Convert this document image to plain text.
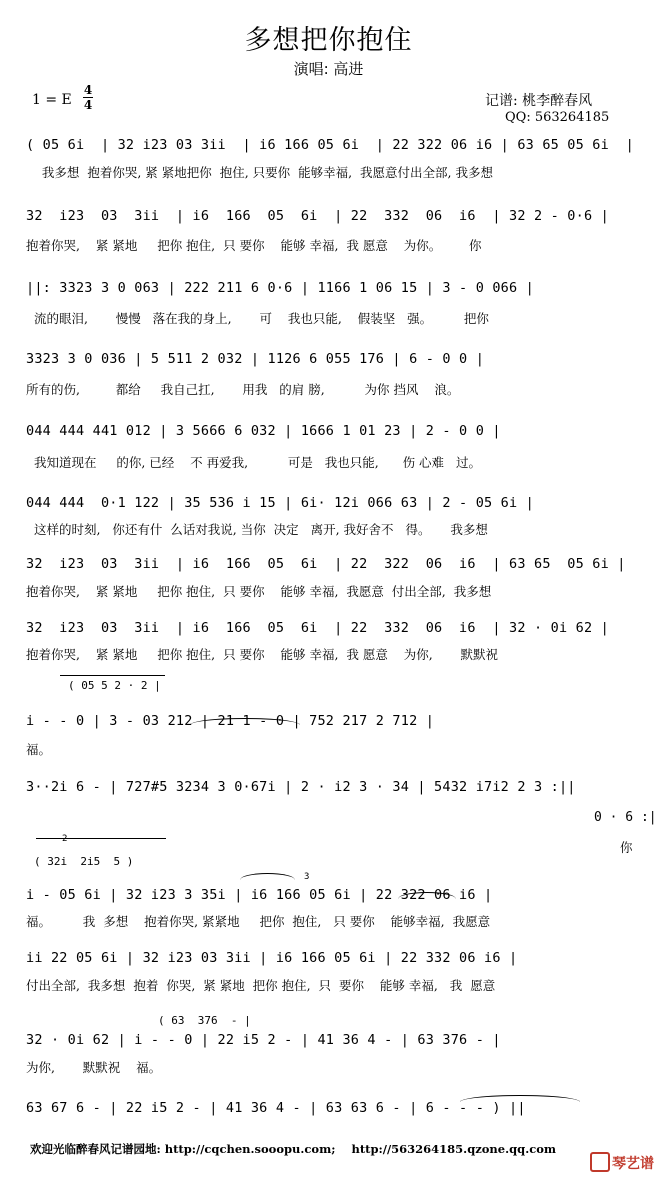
多想把你抱住
演唱: 高进
1 = E
4
4	记谱: 桃李醉春风
QQ: 563264185
( 05 6i  | 32 i23 03 3ii  | i6 166 05 6i  | 22 322 06 i6 | 63 65 05 6i  |
我多想  抱着你哭, 紧 紧地把你  抱住, 只要你  能够幸福,  我愿意付出全部, 我多想
32  i23  03  3ii  | i6  166  05  6i  | 22  332  06  i6  | 32 2 - 0·6 |
抱着你哭,    紧 紧地     把你 抱住,  只 要你    能够 幸福,  我 愿意    为你。       你
||: 3323 3 0 063 | 222 211 6 0·6 | 1166 1 06 15 | 3 - 0 066 |
流的眼泪,       慢慢   落在我的身上,       可    我也只能,    假装坚   强。        把你
3323 3 0 036 | 5 511 2 032 | 1126 6 055 176 | 6 - 0 0 |
所有的伤,         都给     我自己扛,       用我   的肩 膀,          为你 挡风    浪。
044 444 441 012 | 3 5666 6 032 | 1666 1 01 23 | 2 - 0 0 |
我知道现在     的你, 已经    不 再爱我,          可是   我也只能,      伤 心难   过。
044 444  0·1 122 | 35 536 i 15 | 6i· 12i 066 63 | 2 - 05 6i |
这样的时刻,   你还有什  么话对我说, 当你  决定   离开, 我好舍不   得。     我多想
32  i23  03  3ii  | i6  166  05  6i  | 22  322  06  i6  | 63 65  05 6i |
抱着你哭,    紧 紧地     把你 抱住,  只 要你    能够 幸福,  我愿意  付出全部,  我多想
32  i23  03  3ii  | i6  166  05  6i  | 22  332  06  i6  | 32 · 0i 62 |
抱着你哭,    紧 紧地     把你 抱住,  只 要你    能够 幸福,  我 愿意    为你,       默默祝
( 05 5 2 · 2 |
i - - 0 | 3 - 03 212 | 21 1 - 0 | 752 217 2 712 |
福。
3··2i 6 - | 727#5 3234 3 0·67i | 2 · i2 3 · 34 | 5432 i7i2 2 3 :||
0 · 6 :|
你
2
( 32i  2i5  5 )
3
i - 05 6i | 32 i23 3 35i | i6 166 05 6i | 22 322 06 i6 |
福。        我  多想    抱着你哭, 紧紧地     把你  抱住,   只 要你    能够幸福,  我愿意
ii 22 05 6i | 32 i23 03 3ii | i6 166 05 6i | 22 332 06 i6 |
付出全部,  我多想  抱着  你哭,  紧 紧地  把你 抱住,  只  要你    能够 幸福,   我  愿意
( 63  376  - |
32 · 0i 62 | i - - 0 | 22 i5 2 - | 41 36 4 - | 63 376 - |
为你,       默默祝    福。
63 67 6 - | 22 i5 2 - | 41 36 4 - | 63 63 6 - | 6 - - - ) ||
欢迎光临醉春风记谱园地: http://cqchen.sooopu.com;    http://563264185.qzone.qq.com
琴艺谱
